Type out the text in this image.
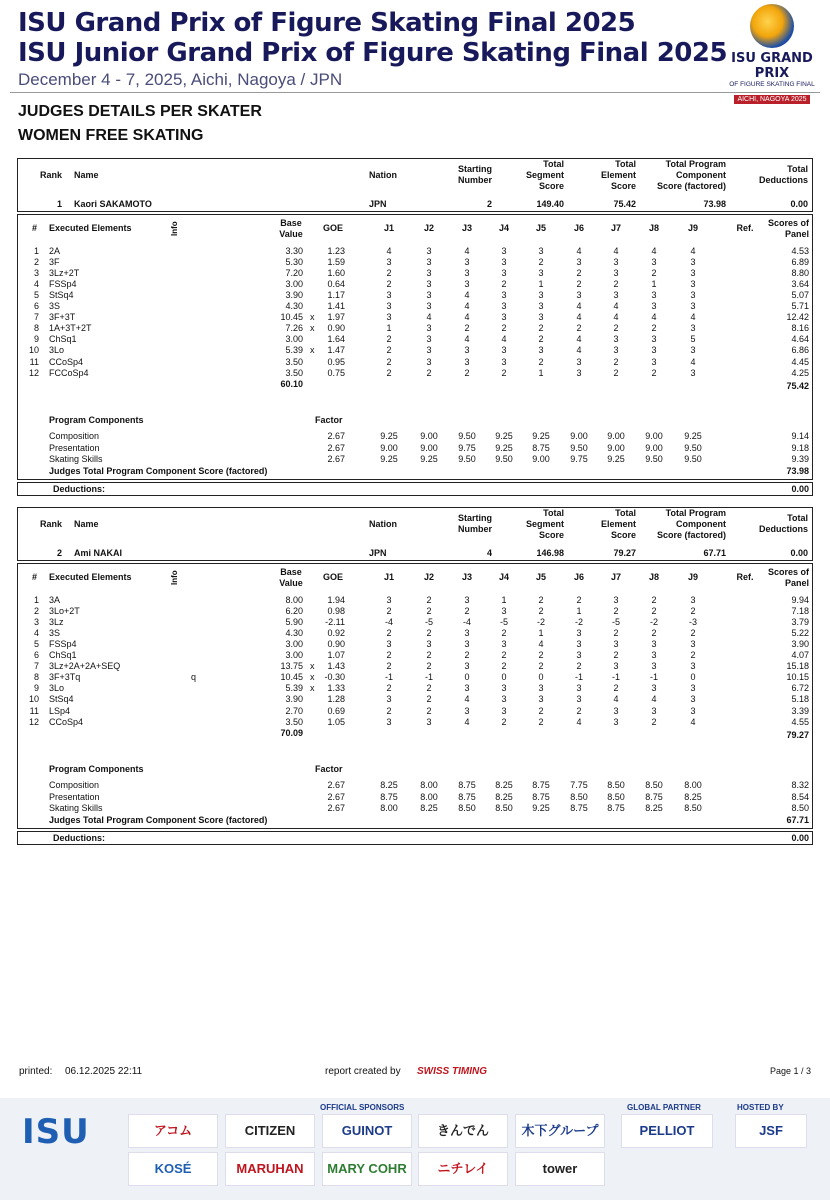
ISU Grand Prix of Figure Skating Final 2025
ISU Junior Grand Prix of Figure Skating Final 2025
December 4 - 7, 2025, Aichi, Nagoya / JPN
ISU GRAND PRIX
OF FIGURE SKATING FINAL
AICHI, NAGOYA 2025
JUDGES DETAILS PER SKATER
WOMEN FREE SKATING
Rank Name	Nation
Starting
Number
Total
Segment
Score
Total
Element
Score
Total Program
Component
Score (factored)
Total
Deductions
1 Kaori SAKAMOTO	JPN	2	149.40	75.42	73.98	0.00
# Executed Elements	Info	Base
Value
GOE	J1	J2	J3	J4	J5	J6	J7	J8	J9	Ref.	Scores of
Panel
1 2A	3.30	1.23	4	3	4	3	3	4	4	4	4	4.53
2 3F	5.30	1.59	3	3	3	3	2	3	3	3	3	6.89
3 3Lz+2T	7.20	1.60	2	3	3	3	3	2	3	2	3	8.80
4 FSSp4	3.00	0.64	2	3	3	2	1	2	2	1	3	3.64
5 StSq4	3.90	1.17	3	3	4	3	3	3	3	3	3	5.07
6 3S	4.30	1.41	3	3	4	3	3	4	4	3	3	5.71
7 3F+3T	10.45 x	1.97	3	4	4	3	3	4	4	4	4	12.42
8 1A+3T+2T	7.26 x	0.90	1	3	2	2	2	2	2	2	3	8.16
9 ChSq1	3.00	1.64	2	3	4	4	2	4	3	3	5	4.64
10 3Lo	5.39 x	1.47	2	3	3	3	3	4	3	3	3	6.86
11 CCoSp4	3.50	0.95	2	3	3	3	2	3	2	3	4	4.45
12 FCCoSp4	3.50	0.75	2	2	2	2	1	3	2	2	3	4.25
60.10	75.42
Program Components	Factor
Composition	2.67	9.25	9.00	9.50	9.25	9.25	9.00	9.00	9.00	9.25	9.14
Presentation	2.67	9.00	9.00	9.75	9.25	8.75	9.50	9.00	9.00	9.50	9.18
Skating Skills	2.67	9.25	9.25	9.50	9.50	9.00	9.75	9.25	9.50	9.50	9.39
Judges Total Program Component Score (factored)	73.98
Deductions:	0.00
Rank Name	Nation
Starting
Number
Total
Segment
Score
Total
Element
Score
Total Program
Component
Score (factored)
Total
Deductions
2 Ami NAKAI	JPN	4	146.98	79.27	67.71	0.00
# Executed Elements	Info	Base
Value
GOE	J1	J2	J3	J4	J5	J6	J7	J8	J9	Ref.	Scores of
Panel
1 3A	8.00	1.94	3	2	3	1	2	2	3	2	3	9.94
2 3Lo+2T	6.20	0.98	2	2	2	3	2	1	2	2	2	7.18
3 3Lz	5.90	-2.11	-4	-5	-4	-5	-2	-2	-5	-2	-3	3.79
4 3S	4.30	0.92	2	2	3	2	1	3	2	2	2	5.22
5 FSSp4	3.00	0.90	3	3	3	3	4	3	3	3	3	3.90
6 ChSq1	3.00	1.07	2	2	2	2	2	3	2	3	2	4.07
7 3Lz+2A+2A+SEQ	13.75 x	1.43	2	2	3	2	2	2	3	3	3	15.18
8 3F+3Tq	q	10.45 x	-0.30	-1	-1	0	0	0	-1	-1	-1	0	10.15
9 3Lo	5.39 x	1.33	2	2	3	3	3	3	2	3	3	6.72
10 StSq4	3.90	1.28	3	2	4	3	3	3	4	4	3	5.18
11 LSp4	2.70	0.69	2	2	3	3	2	2	3	3	3	3.39
12 CCoSp4	3.50	1.05	3	3	4	2	2	4	3	2	4	4.55
70.09	79.27
Program Components	Factor
Composition	2.67	8.25	8.00	8.75	8.25	8.75	7.75	8.50	8.50	8.00	8.32
Presentation	2.67	8.75	8.00	8.75	8.25	8.75	8.50	8.50	8.75	8.25	8.54
Skating Skills	2.67	8.00	8.25	8.50	8.50	9.25	8.75	8.75	8.25	8.50	8.50
Judges Total Program Component Score (factored)	67.71
Deductions:	0.00
printed: 06.12.2025 22:11	report created by SWISS TIMING	Page 1 / 3
ISU
OFFICIAL SPONSORS	GLOBAL PARTNER	HOSTED BY
アコム	CITIZEN	GUINOT	きんでん	木下グループ
KOSÉ	MARUHAN	MARY COHR	ニチレイ	tower
PELLIOT	JSF
